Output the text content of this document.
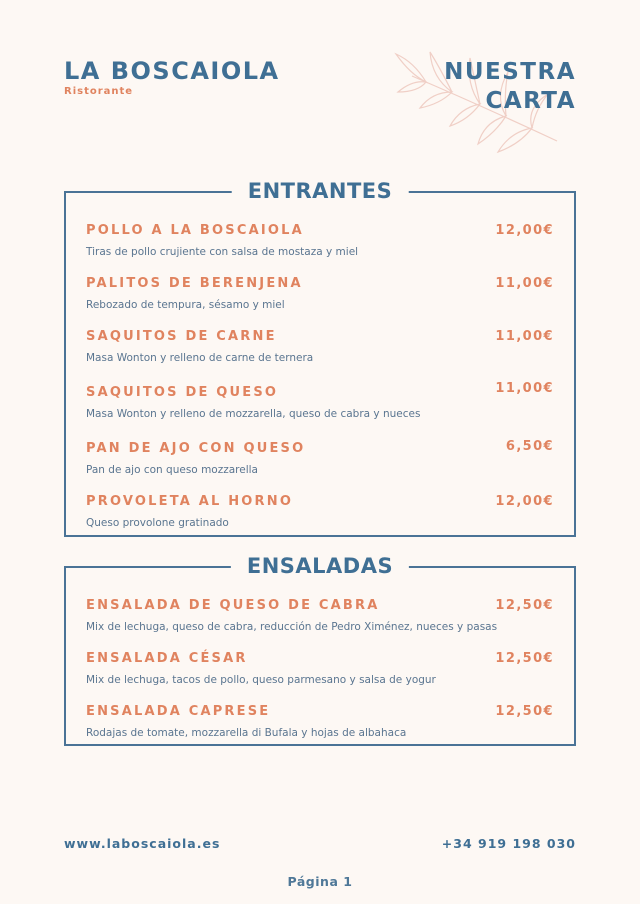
LA BOSCAIOLA
Ristorante
NUESTRA
CARTA
ENTRANTES
POLLO A LA BOSCAIOLA	12,00€
Tiras de pollo crujiente con salsa de mostaza y miel
PALITOS DE BERENJENA	11,00€
Rebozado de tempura, sésamo y miel
SAQUITOS DE CARNE	11,00€
Masa Wonton y relleno de carne de ternera
SAQUITOS DE QUESO	11,00€
Masa Wonton y relleno de mozzarella, queso de cabra y nueces
PAN DE AJO CON QUESO	6,50€
Pan de ajo con queso mozzarella
PROVOLETA AL HORNO	12,00€
Queso provolone gratinado
ENSALADAS
ENSALADA DE QUESO DE CABRA	12,50€
Mix de lechuga, queso de cabra, reducción de Pedro Ximénez, nueces y pasas
ENSALADA CÉSAR	12,50€
Mix de lechuga, tacos de pollo, queso parmesano y salsa de yogur
ENSALADA CAPRESE	12,50€
Rodajas de tomate, mozzarella di Bufala y hojas de albahaca
www.laboscaiola.es	+34 919 198 030
Página 1
